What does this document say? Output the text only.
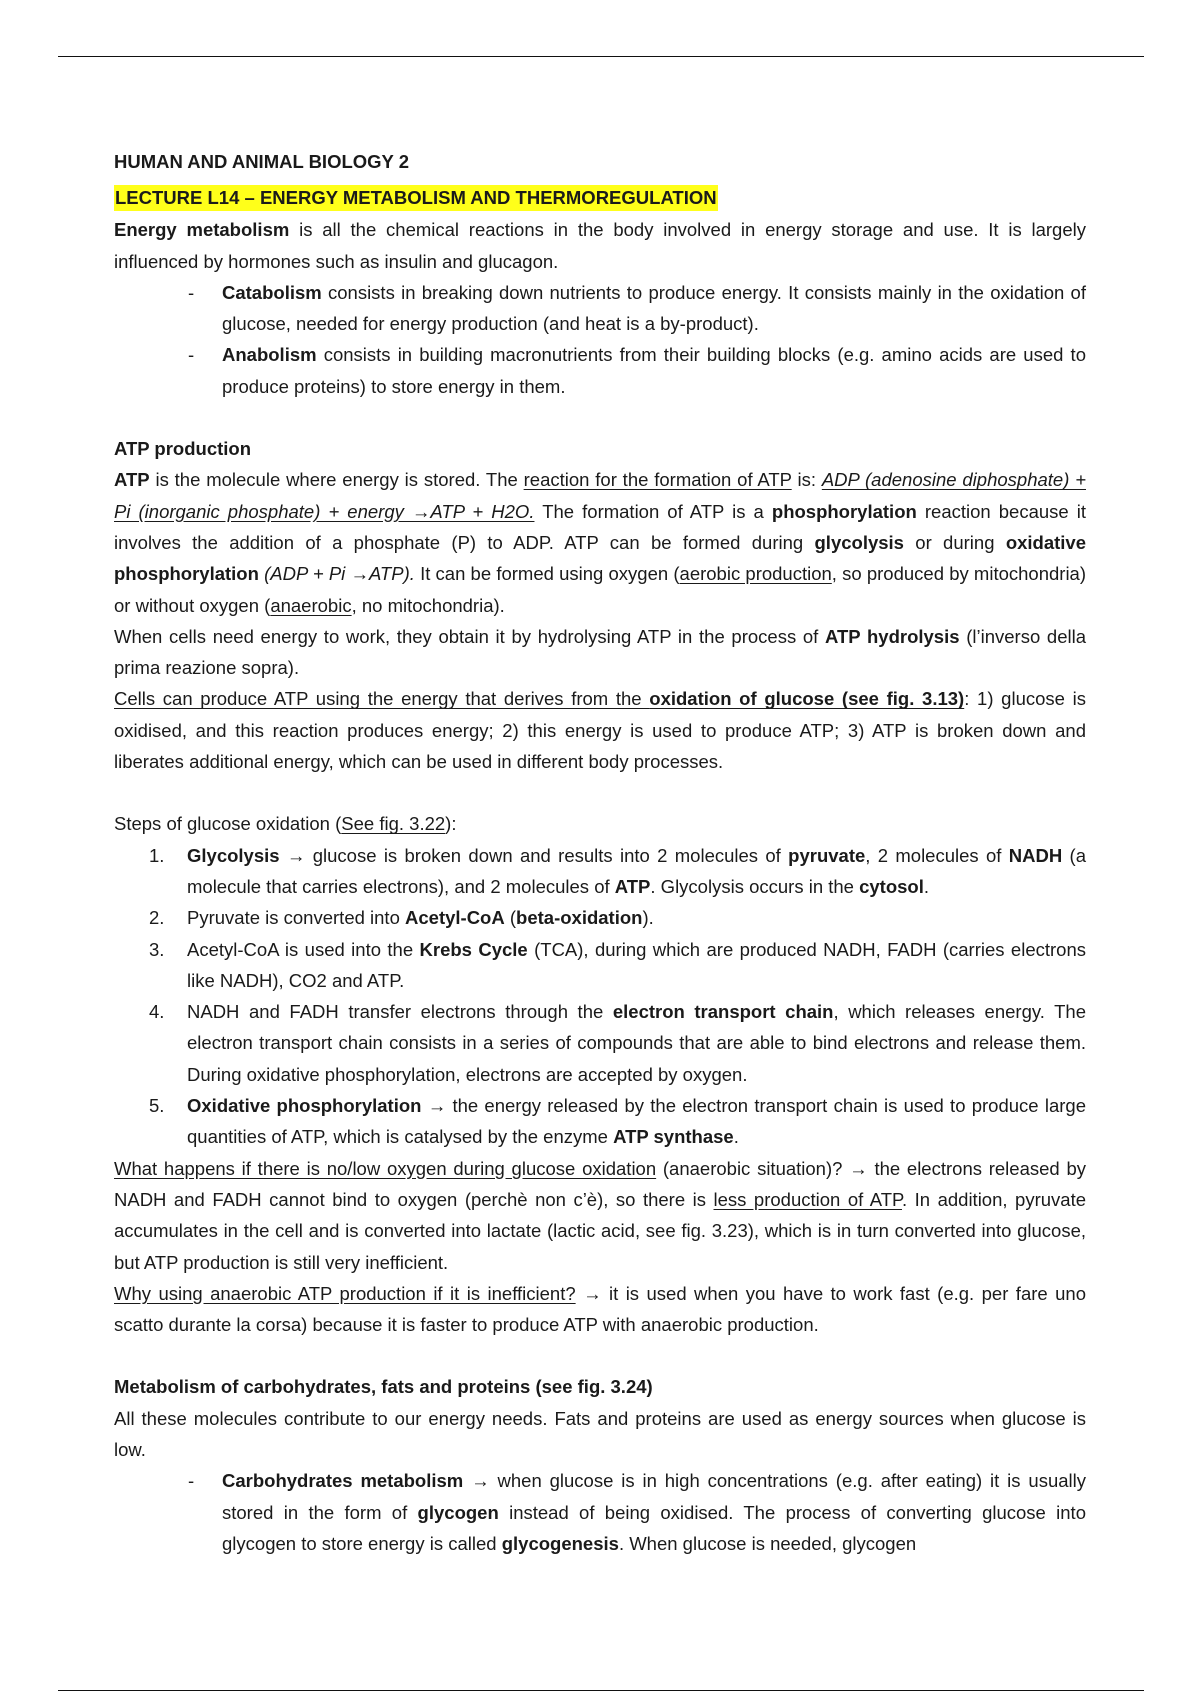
HUMAN AND ANIMAL BIOLOGY 2

LECTURE L14 – ENERGY METABOLISM AND THERMOREGULATION

Energy metabolism is all the chemical reactions in the body involved in energy storage and use. It is largely influenced by hormones such as insulin and glucagon.

- Catabolism consists in breaking down nutrients to produce energy. It consists mainly in the oxidation of glucose, needed for energy production (and heat is a by-product).
- Anabolism consists in building macronutrients from their building blocks (e.g. amino acids are used to produce proteins) to store energy in them.

ATP production

ATP is the molecule where energy is stored. The reaction for the formation of ATP is: ADP (adenosine diphosphate) + Pi (inorganic phosphate) + energy →ATP + H2O. The formation of ATP is a phosphorylation reaction because it involves the addition of a phosphate (P) to ADP. ATP can be formed during glycolysis or during oxidative phosphorylation (ADP + Pi →ATP). It can be formed using oxygen (aerobic production, so produced by mitochondria) or without oxygen (anaerobic, no mitochondria).

When cells need energy to work, they obtain it by hydrolysing ATP in the process of ATP hydrolysis (l’inverso della prima reazione sopra).

Cells can produce ATP using the energy that derives from the oxidation of glucose (see fig. 3.13): 1) glucose is oxidised, and this reaction produces energy; 2) this energy is used to produce ATP; 3) ATP is broken down and liberates additional energy, which can be used in different body processes.

Steps of glucose oxidation (See fig. 3.22):

1. Glycolysis → glucose is broken down and results into 2 molecules of pyruvate, 2 molecules of NADH (a molecule that carries electrons), and 2 molecules of ATP. Glycolysis occurs in the cytosol.
2. Pyruvate is converted into Acetyl-CoA (beta-oxidation).
3. Acetyl-CoA is used into the Krebs Cycle (TCA), during which are produced NADH, FADH (carries electrons like NADH), CO2 and ATP.
4. NADH and FADH transfer electrons through the electron transport chain, which releases energy. The electron transport chain consists in a series of compounds that are able to bind electrons and release them. During oxidative phosphorylation, electrons are accepted by oxygen.
5. Oxidative phosphorylation → the energy released by the electron transport chain is used to produce large quantities of ATP, which is catalysed by the enzyme ATP synthase.

What happens if there is no/low oxygen during glucose oxidation (anaerobic situation)? → the electrons released by NADH and FADH cannot bind to oxygen (perchè non c’è), so there is less production of ATP. In addition, pyruvate accumulates in the cell and is converted into lactate (lactic acid, see fig. 3.23), which is in turn converted into glucose, but ATP production is still very inefficient.

Why using anaerobic ATP production if it is inefficient? → it is used when you have to work fast (e.g. per fare uno scatto durante la corsa) because it is faster to produce ATP with anaerobic production.

Metabolism of carbohydrates, fats and proteins (see fig. 3.24)

All these molecules contribute to our energy needs. Fats and proteins are used as energy sources when glucose is low.

- Carbohydrates metabolism → when glucose is in high concentrations (e.g. after eating) it is usually stored in the form of glycogen instead of being oxidised. The process of converting glucose into glycogen to store energy is called glycogenesis. When glucose is needed, glycogen
